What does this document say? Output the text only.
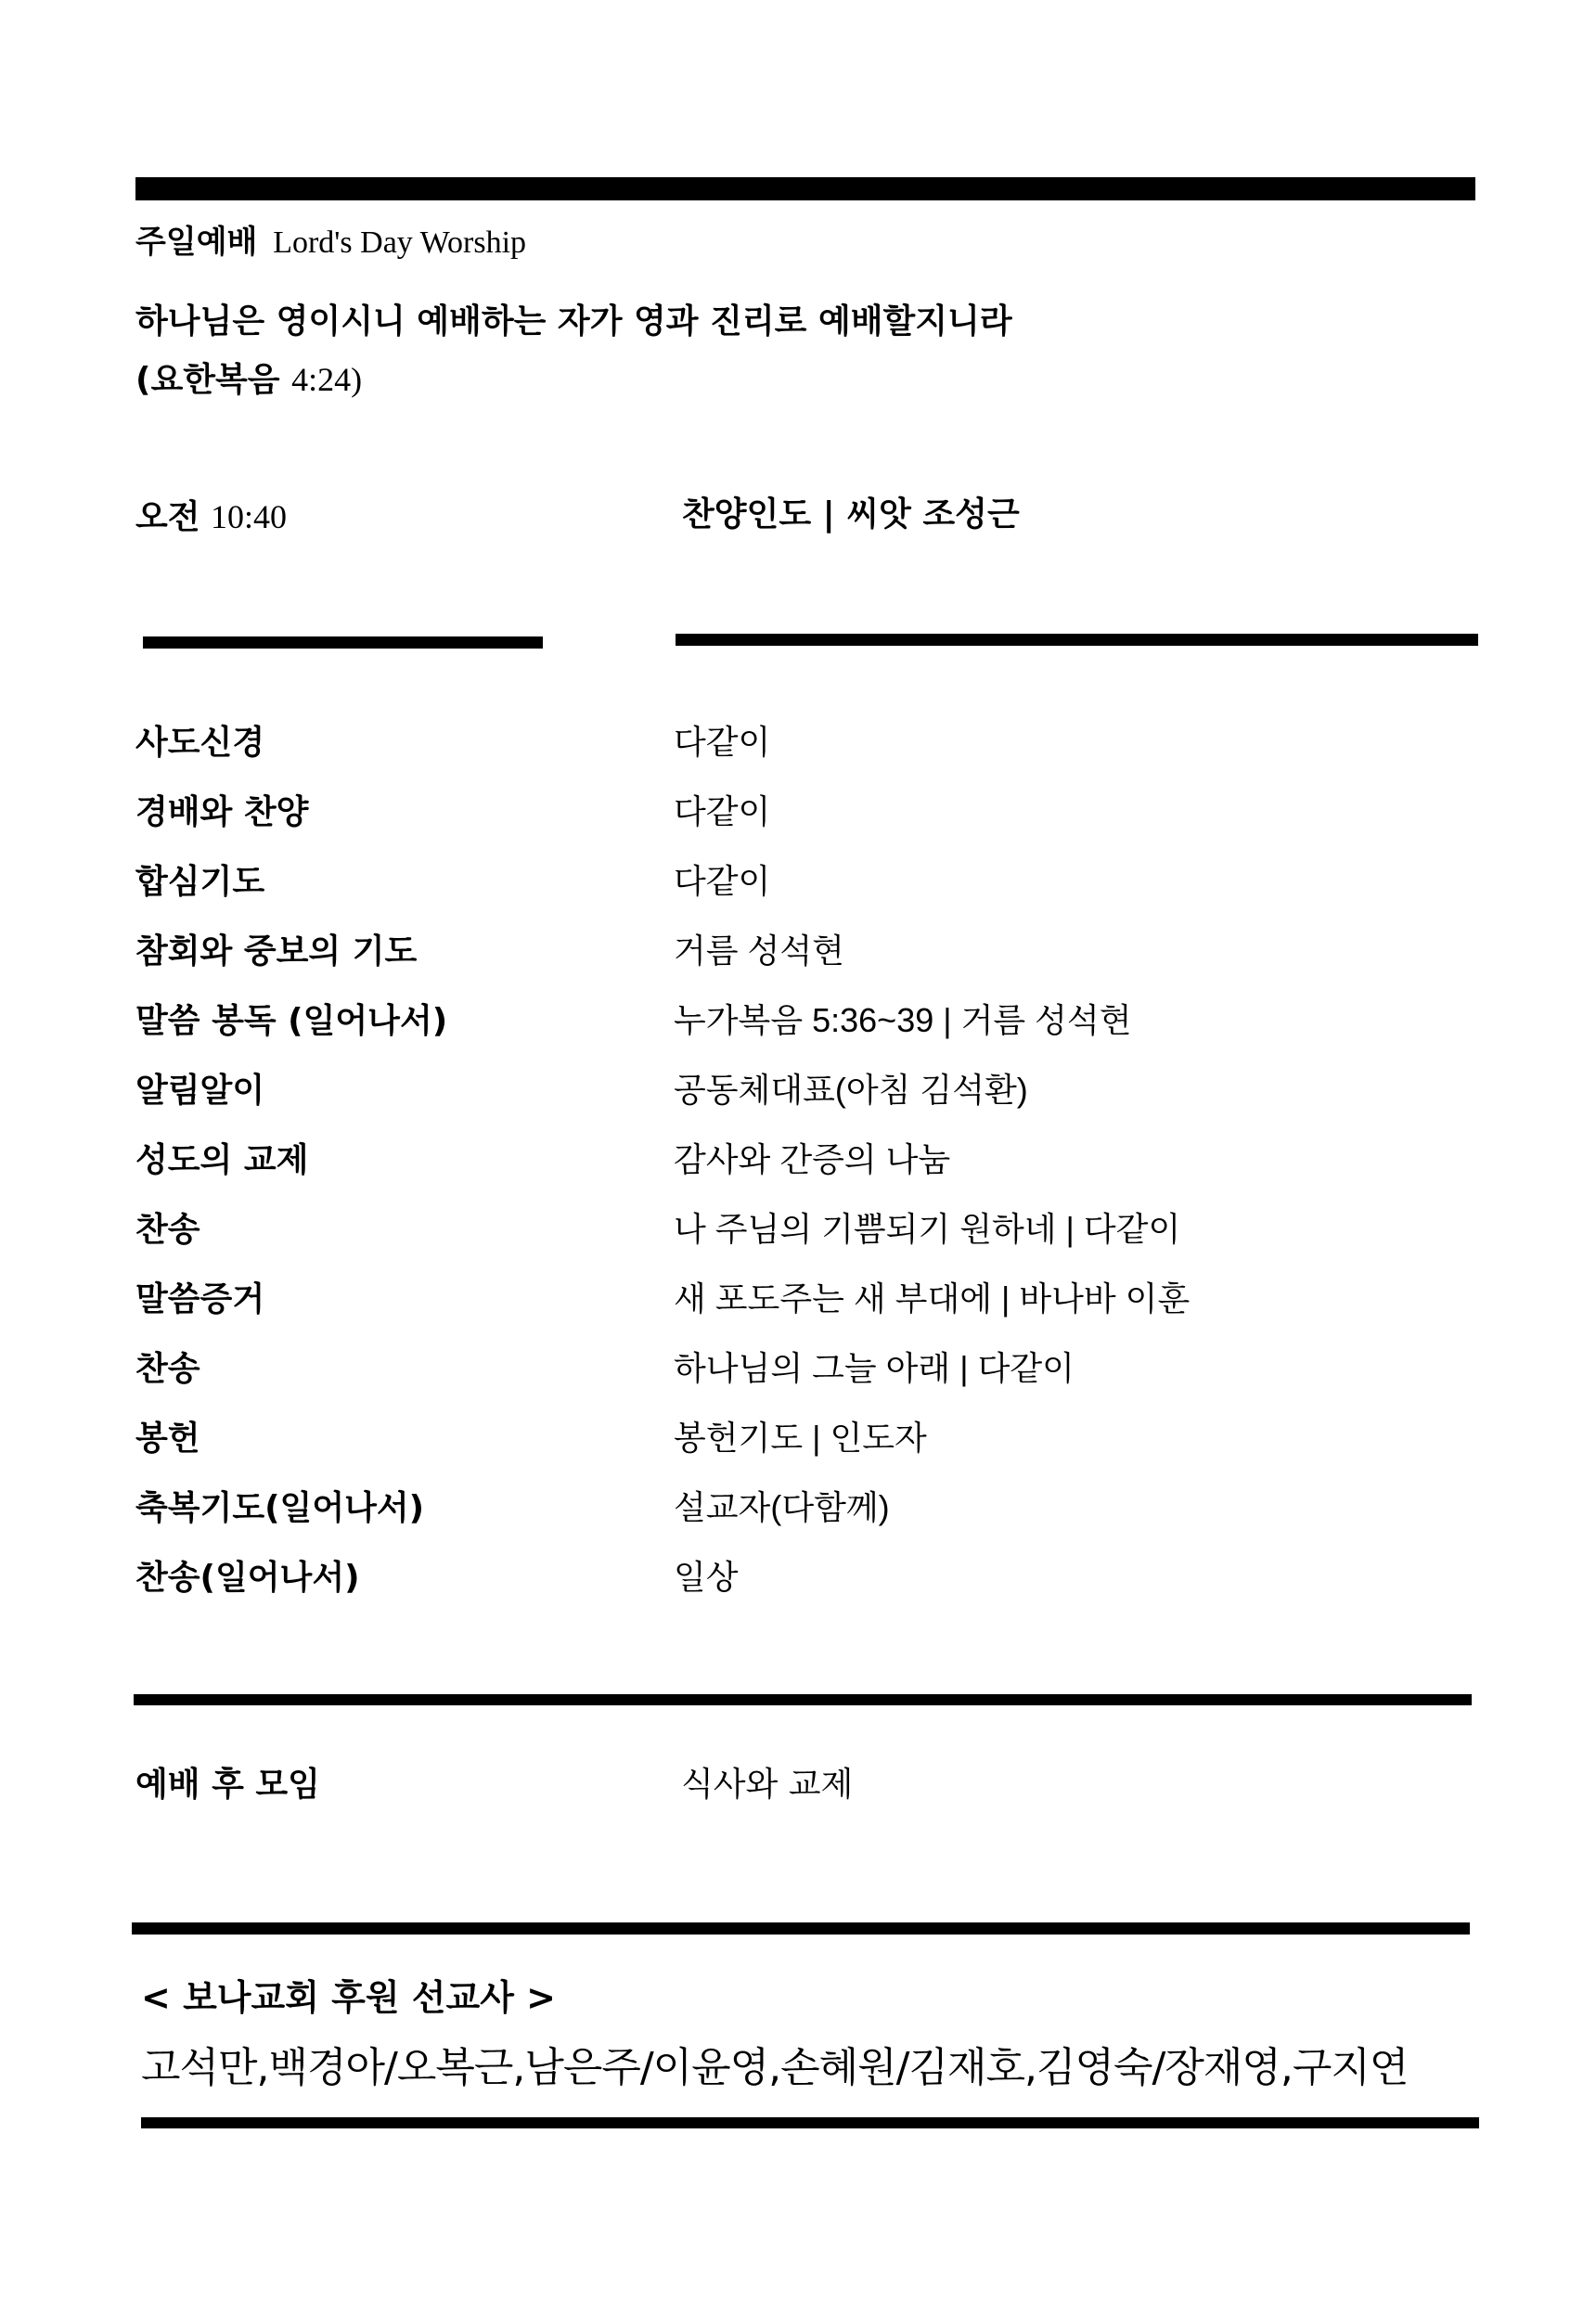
주일예배 Lord's Day Worship
하나님은 영이시니 예배하는 자가 영과 진리로 예배할지니라
(요한복음 4:24)
오전 10:40	찬양인도 | 씨앗 조성근
사도신경	다같이
경배와 찬양	다같이
합심기도	다같이
참회와 중보의 기도	거름 성석현
말씀 봉독 (일어나서)	누가복음 5:36~39 | 거름 성석현
알림알이	공동체대표(아침 김석환)
성도의 교제	감사와 간증의 나눔
찬송	나 주님의 기쁨되기 원하네 | 다같이
말씀증거	새 포도주는 새 부대에 | 바나바 이훈
찬송	하나님의 그늘 아래 | 다같이
봉헌	봉헌기도 | 인도자
축복기도(일어나서)	설교자(다함께)
찬송(일어나서)	일상
예배 후 모임	식사와 교제
< 보나교회 후원 선교사 >
고석만,백경아/오복근,남은주/이윤영,손혜원/김재호,김영숙/장재영,구지연
